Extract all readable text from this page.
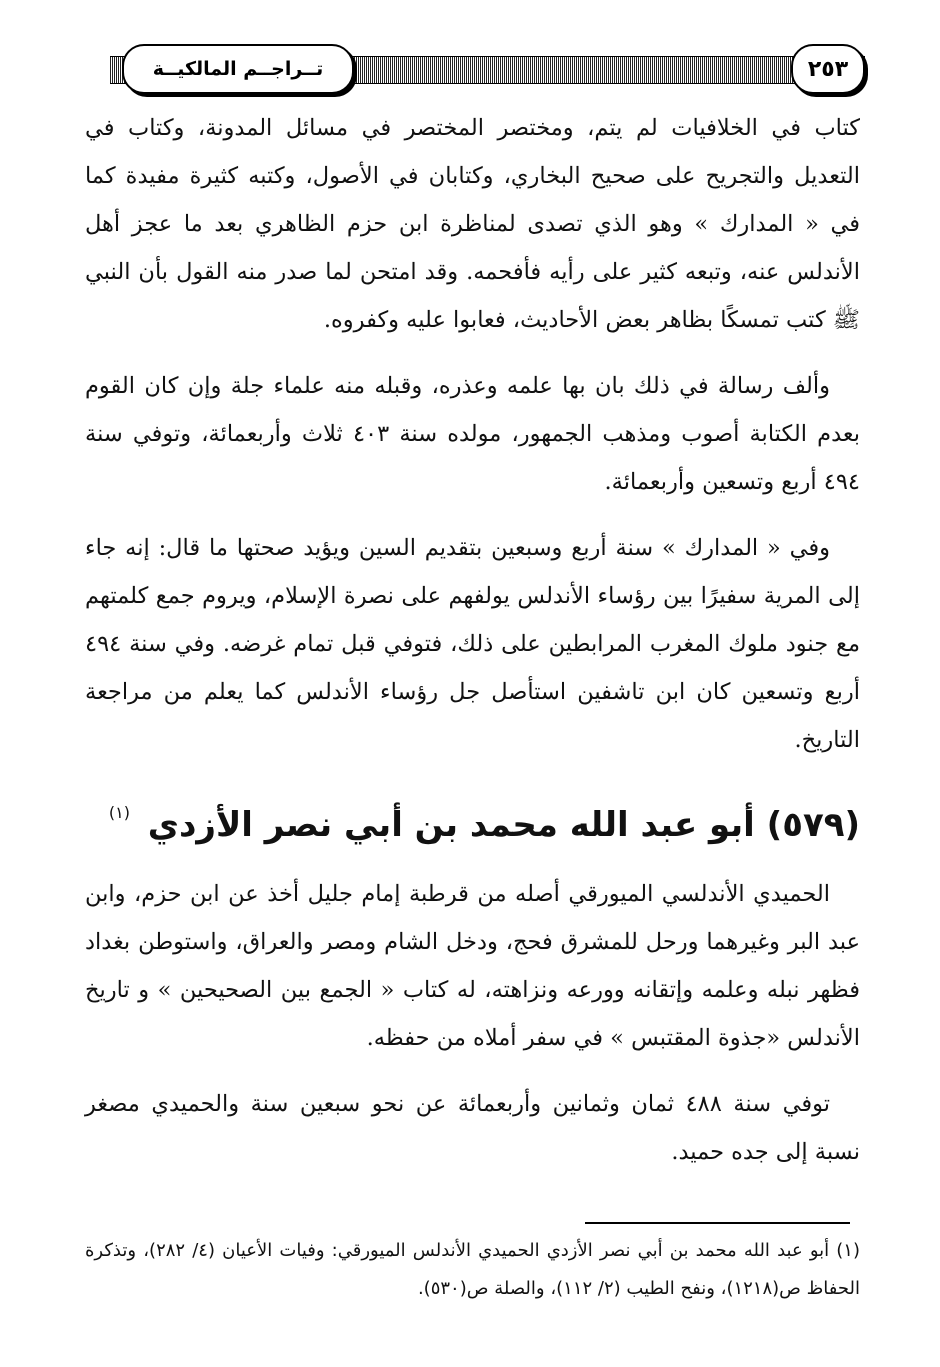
تــراجــم المالكيــة	٢٥٣

كتاب في الخلافيات لم يتم، ومختصر المختصر في مسائل المدونة، وكتاب في التعديل والتجريح على صحيح البخاري، وكتابان في الأصول، وكتبه كثيرة مفيدة كما في « المدارك » وهو الذي تصدى لمناظرة ابن حزم الظاهري بعد ما عجز أهل الأندلس عنه، وتبعه كثير على رأيه فأفحمه. وقد امتحن لما صدر منه القول بأن النبي ﷺ كتب تمسكًا بظاهر بعض الأحاديث، فعابوا عليه وكفروه.

وألف رسالة في ذلك بان بها علمه وعذره، وقبله منه علماء جلة وإن كان القوم بعدم الكتابة أصوب ومذهب الجمهور، مولده سنة ٤٠٣ ثلاث وأربعمائة، وتوفي سنة ٤٩٤ أربع وتسعين وأربعمائة.

وفي « المدارك » سنة أربع وسبعين بتقديم السين ويؤيد صحتها ما قال: إنه جاء إلى المرية سفيرًا بين رؤساء الأندلس يولفهم على نصرة الإسلام، ويروم جمع كلمتهم مع جنود ملوك المغرب المرابطين على ذلك، فتوفي قبل تمام غرضه. وفي سنة ٤٩٤ أربع وتسعين كان ابن تاشفين استأصل جل رؤساء الأندلس كما يعلم من مراجعة التاريخ.

(٥٧٩) أبو عبد الله محمد بن أبي نصر الأزدي $^{(١)}$

الحميدي الأندلسي الميورقي أصله من قرطبة إمام جليل أخذ عن ابن حزم، وابن عبد البر وغيرهما ورحل للمشرق فحج، ودخل الشام ومصر والعراق، واستوطن بغداد فظهر نبله وعلمه وإتقانه وورعه ونزاهته، له كتاب « الجمع بين الصحيحين » و تاريخ الأندلس «جذوة المقتبس » في سفر أملاه من حفظه.

توفي سنة ٤٨٨ ثمان وثمانين وأربعمائة عن نحو سبعين سنة والحميدي مصغر نسبة إلى جده حميد.

(١) أبو عبد الله محمد بن أبي نصر الأزدي الحميدي الأندلس الميورقي: وفيات الأعيان (٤/ ٢٨٢)، وتذكرة الحفاظ ص(١٢١٨)، ونفح الطيب (٢/ ١١٢)، والصلة ص(٥٣٠).
